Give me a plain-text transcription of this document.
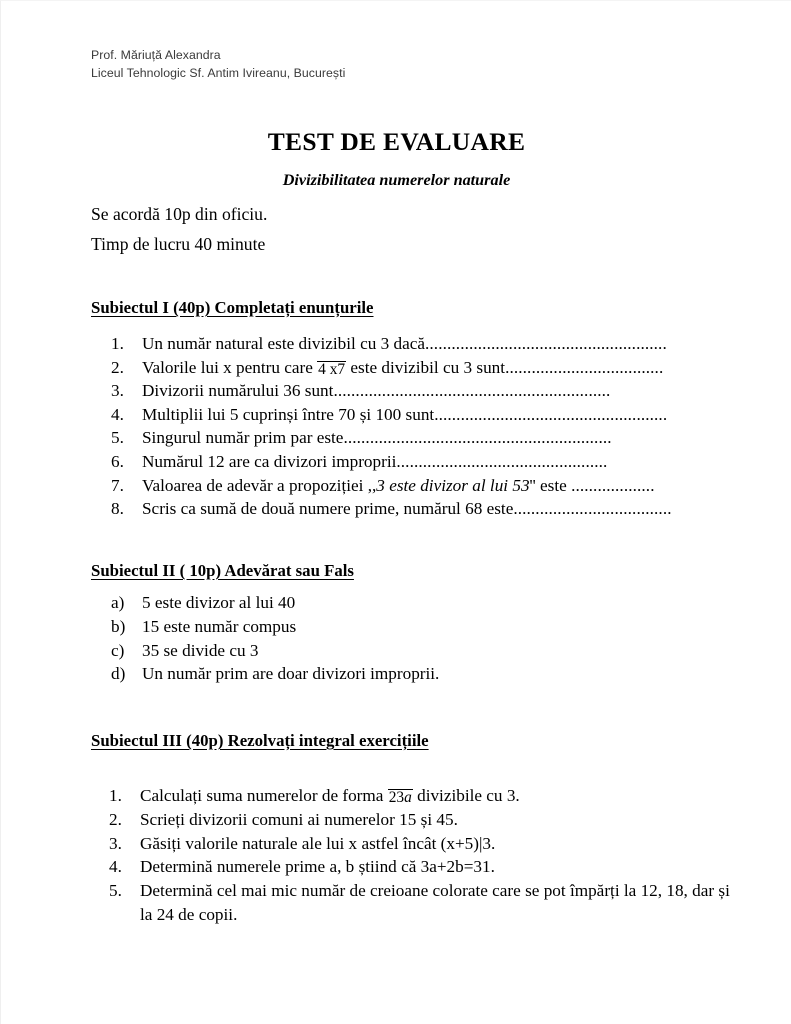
Prof. Măriuță Alexandra
Liceul Tehnologic Sf. Antim Ivireanu, București
TEST DE EVALUARE
Divizibilitatea numerelor naturale
Se acordă 10p din oficiu.
Timp de lucru 40 minute
Subiectul I (40p) Completați enunțurile
1.	Un număr natural este divizibil cu 3 dacă.......................................................
2.	Valorile lui x pentru care 4 x7 este divizibil cu 3 sunt....................................
3.	Divizorii numărului 36 sunt...............................................................
4.	Multiplii lui 5 cuprinși între 70 și 100 sunt.....................................................
5.	Singurul număr prim par este.............................................................
6.	Numărul 12 are ca divizori improprii................................................
7.	Valoarea de adevăr a propoziției ,,3 este divizor al lui 53'' este ...................
8.	Scris ca sumă de două numere prime, numărul 68 este....................................
Subiectul II ( 10p) Adevărat sau Fals
a)	5 este divizor al lui 40
b) 15 este număr compus
c)	35 se divide cu 3
d) Un număr prim are doar divizori improprii.
Subiectul III (40p) Rezolvați integral exercițiile
1.	Calculați suma numerelor de forma 23a divizibile cu 3.
2.	Scrieți divizorii comuni ai numerelor 15 și 45.
3.	Găsiți valorile naturale ale lui x astfel încât (x+5)|3.
4.	Determină numerele prime a, b știind că 3a+2b=31.
5.	Determină cel mai mic număr de creioane colorate care se pot împărți la 12, 18, dar și la 24 de copii.
